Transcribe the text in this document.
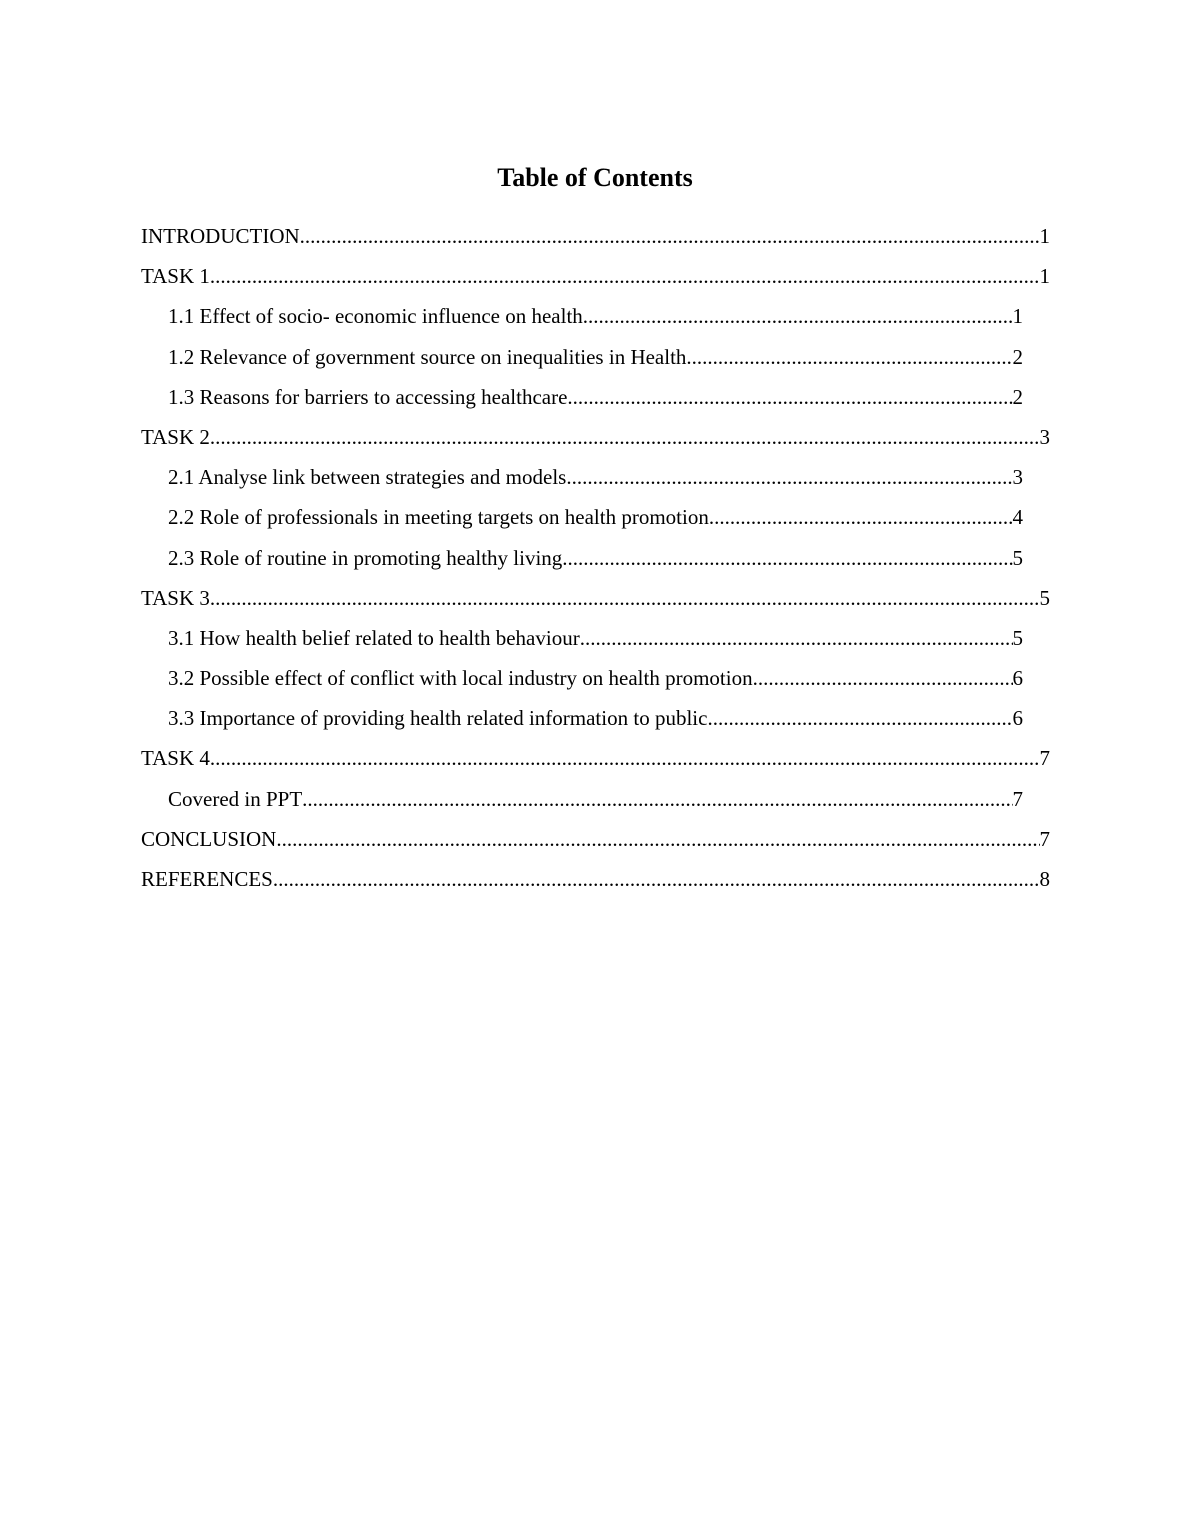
Table of Contents
INTRODUCTION .....	1
TASK 1 .....	1
1.1 Effect of socio- economic influence on health .....	1
1.2 Relevance of government source on inequalities in Health .....	2
1.3 Reasons for barriers to accessing healthcare .....	2
TASK 2 .....	3
2.1 Analyse link between strategies and models .....	3
2.2 Role of professionals in meeting targets on health promotion .....	4
2.3 Role of routine in promoting healthy living .....	5
TASK 3 .....	5
3.1 How health belief related to health behaviour .....	5
3.2 Possible effect of conflict with local industry on health promotion .....	6
3.3 Importance of providing health related information to public .....	6
TASK 4 .....	7
Covered in PPT .....	7
CONCLUSION .....	7
REFERENCES .....	8
